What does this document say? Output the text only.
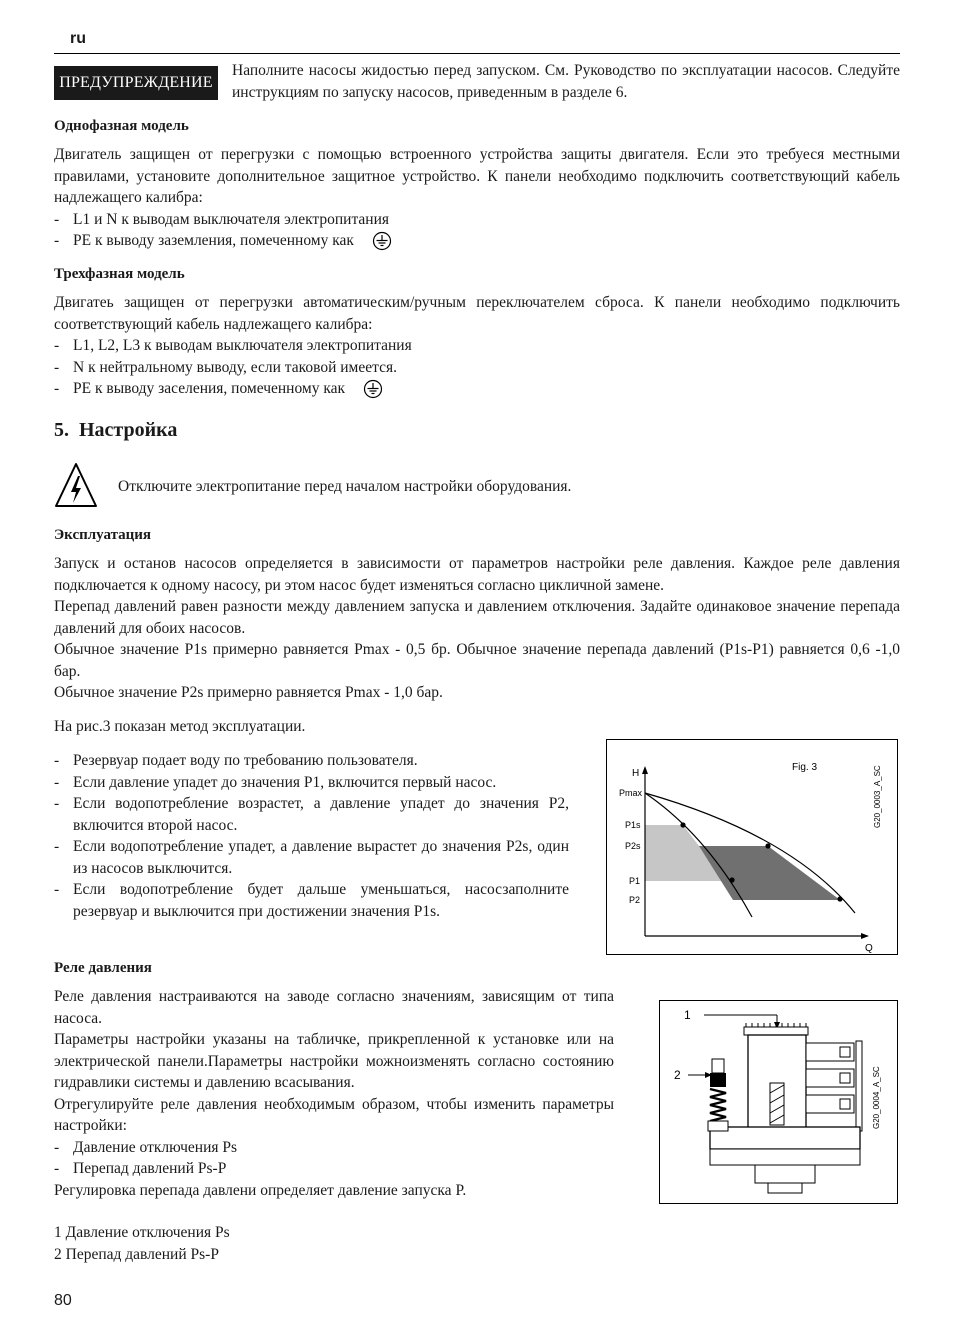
ru
ПРЕДУПРЕЖДЕНИЕ
Наполните насосы жидостью перед запуском. См. Руководство по эксплуатации насосов. Следуйте инструкциям по запуску насосов, приведенным в разделе 6.
Однофазная модель
Двигатель защищен от перегрузки с помощью встроенного устройства защиты двигателя. Если это требуеся местными правилами, установите дополнительное защитное устройство. К панели необходимо подключить соответствующий кабель надлежащего калибра:
- L1 и N к выводам выключателя электропитания
- PE к выводу заземления, помеченному как
Трехфазная модель
Двигатеь защищен от перегрузки автоматическим/ручным переключателем сброса. К панели необходимо подключить соответствующий кабель надлежащего калибра:
- L1, L2, L3 к выводам выключателя электропитания
- N к нейтральному выводу, если таковой имеется.
- PE к выводу заселения, помеченному как
5. Настройка
Отключите электропитание перед началом настройки оборудования.
Эксплуатация
Запуск и останов насосов определяется в зависимости от параметров настройки реле давления. Каждое реле давления подключается к одному насосу, ри этом насос будет изменяться согласно цикличной замене.
Перепад давлений равен разности между давлением запуска и давлением отключения. Задайте одинаковое значение перепада давлений для обоих насосов.
Обычное значение P1s примерно равняется Pmax - 0,5 бр. Обычное значение перепада давлений (P1s-P1) равняется 0,6 -1,0 бар.
Обычное значение P2s примерно равняется Pmax - 1,0 бар.
На рис.3 показан метод эксплуатации.
- Резервуар подает воду по требованию пользователя.
- Если давление упадет до значения P1, включится первый насос.
- Если водопотребление возрастет, а давление упадет до значения P2, включится второй насос.
- Если водопотребление упадет, а давление вырастет до значения P2s, один из насосов выключится.
- Если водопотребление будет дальше уменьшаться, насосзаполните резервуар и выключится при достижении значения P1s.
H
Q
Pmax
P1s
P2s
P1
P2
Fig. 3	G20_0003_A_SC
Реле давления
Реле давления настраиваются на заводе согласно значениям, зависящим от типа насоса.
Параметры настройки указаны на табличке, прикрепленной к установке или на электрической панели.Параметры настройки можноизменять согласно состоянию гидравлики системы и давлению всасывания.
Отрегулируйте реле давления необходимым образом, чтобы изменить параметры настройки:
- Давление отключения Ps
- Перепад давлений Ps-P
Регулировка перепада давлени определяет давление запуска P.
1 Давление отключения Ps
2 Перепад давлений Ps-P
1
2	G20_0004_A_SC
80
